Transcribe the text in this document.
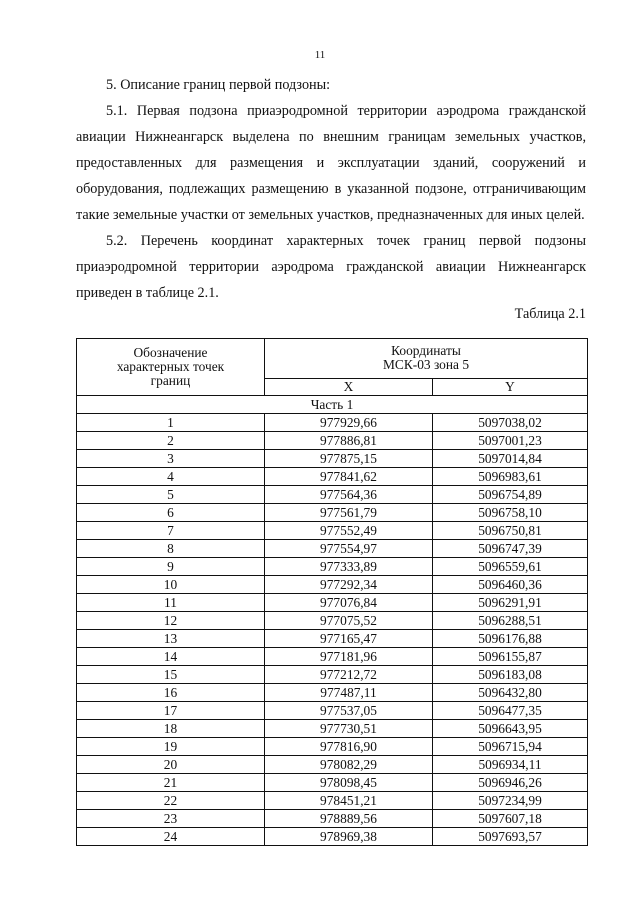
11

5. Описание границ первой подзоны:

5.1. Первая подзона приаэродромной территории аэродрома гражданской авиации Нижнеангарск выделена по внешним границам земельных участков, предоставленных для размещения и эксплуатации зданий, сооружений и оборудования, подлежащих размещению в указанной подзоне, отграничивающим такие земельные участки от земельных участков, предназначенных для иных целей.

5.2. Перечень координат характерных точек границ первой подзоны приаэродромной территории аэродрома гражданской авиации Нижнеангарск приведен в таблице 2.1.

Таблица 2.1
Обозначение характерных точек границ	Координаты
МСК-03 зона 5	

	X	Y
Часть 1		
1	977929,66	5097038,02
2	977886,81	5097001,23
3	977875,15	5097014,84
4	977841,62	5096983,61
5	977564,36	5096754,89
6	977561,79	5096758,10
7	977552,49	5096750,81
8	977554,97	5096747,39
9	977333,89	5096559,61
10	977292,34	5096460,36
11	977076,84	5096291,91
12	977075,52	5096288,51
13	977165,47	5096176,88
14	977181,96	5096155,87
15	977212,72	5096183,08
16	977487,11	5096432,80
17	977537,05	5096477,35
18	977730,51	5096643,95
19	977816,90	5096715,94
20	978082,29	5096934,11
21	978098,45	5096946,26
22	978451,21	5097234,99
23	978889,56	5097607,18
24	978969,38	5097693,57
